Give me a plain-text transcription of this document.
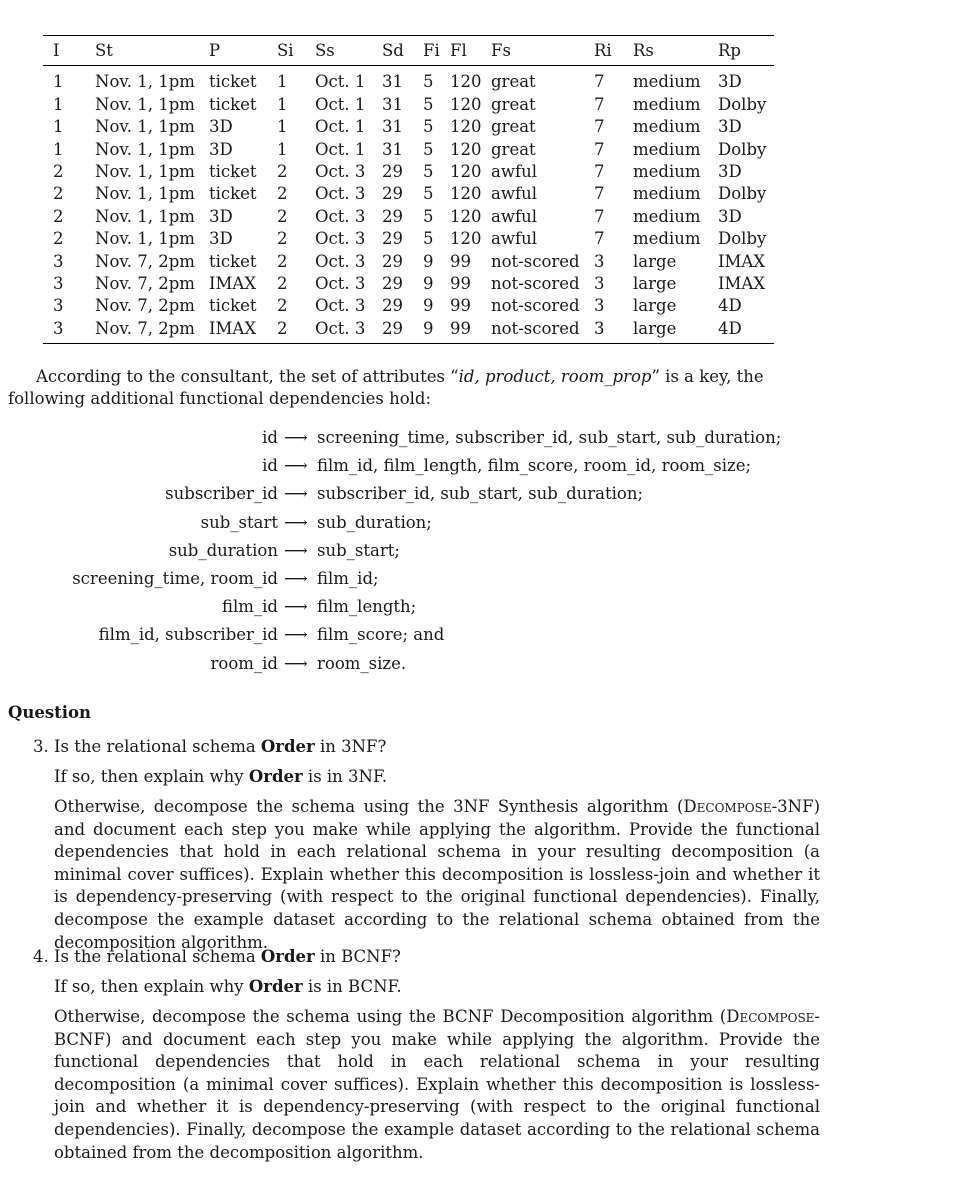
I	St	P	Si	Ss	Sd	Fi	Fl	Fs	Ri	Rs	Rp
1	Nov. 1, 1pm	ticket	1	Oct. 1	31	5	120	great	7	medium	3D
1	Nov. 1, 1pm	ticket	1	Oct. 1	31	5	120	great	7	medium	Dolby
1	Nov. 1, 1pm	3D	1	Oct. 1	31	5	120	great	7	medium	3D
1	Nov. 1, 1pm	3D	1	Oct. 1	31	5	120	great	7	medium	Dolby
2	Nov. 1, 1pm	ticket	2	Oct. 3	29	5	120	awful	7	medium	3D
2	Nov. 1, 1pm	ticket	2	Oct. 3	29	5	120	awful	7	medium	Dolby
2	Nov. 1, 1pm	3D	2	Oct. 3	29	5	120	awful	7	medium	3D
2	Nov. 1, 1pm	3D	2	Oct. 3	29	5	120	awful	7	medium	Dolby
3	Nov. 7, 2pm	ticket	2	Oct. 3	29	9	99	not-scored	3	large	IMAX
3	Nov. 7, 2pm	IMAX	2	Oct. 3	29	9	99	not-scored	3	large	IMAX
3	Nov. 7, 2pm	ticket	2	Oct. 3	29	9	99	not-scored	3	large	4D
3	Nov. 7, 2pm	IMAX	2	Oct. 3	29	9	99	not-scored	3	large	4D

According to the consultant, the set of attributes “id, product, room_prop” is a key, the following additional functional dependencies hold:

id ⟶ screening_time, subscriber_id, sub_start, sub_duration;
id ⟶ film_id, film_length, film_score, room_id, room_size;
subscriber_id ⟶ subscriber_id, sub_start, sub_duration;
sub_start ⟶ sub_duration;
sub_duration ⟶ sub_start;
screening_time, room_id ⟶ film_id;
film_id ⟶ film_length;
film_id, subscriber_id ⟶ film_score; and
room_id ⟶ room_size.
Question

3. Is the relational schema Order in 3NF?

If so, then explain why Order is in 3NF.

Otherwise, decompose the schema using the 3NF Synthesis algorithm (Decompose-3NF) and document each step you make while applying the algorithm. Provide the functional dependencies that hold in each relational schema in your resulting decomposition (a minimal cover suffices). Explain whether this decomposition is lossless-join and whether it is dependency-preserving (with respect to the original functional dependencies). Finally, decompose the example dataset according to the relational schema obtained from the decomposition algorithm.

4. Is the relational schema Order in BCNF?

If so, then explain why Order is in BCNF.

Otherwise, decompose the schema using the BCNF Decomposition algorithm (Decompose-BCNF) and document each step you make while applying the algorithm. Provide the functional dependencies that hold in each relational schema in your resulting decomposition (a minimal cover suffices). Explain whether this decomposition is lossless-join and whether it is dependency-preserving (with respect to the original functional dependencies). Finally, decompose the example dataset according to the relational schema obtained from the decomposition algorithm.
